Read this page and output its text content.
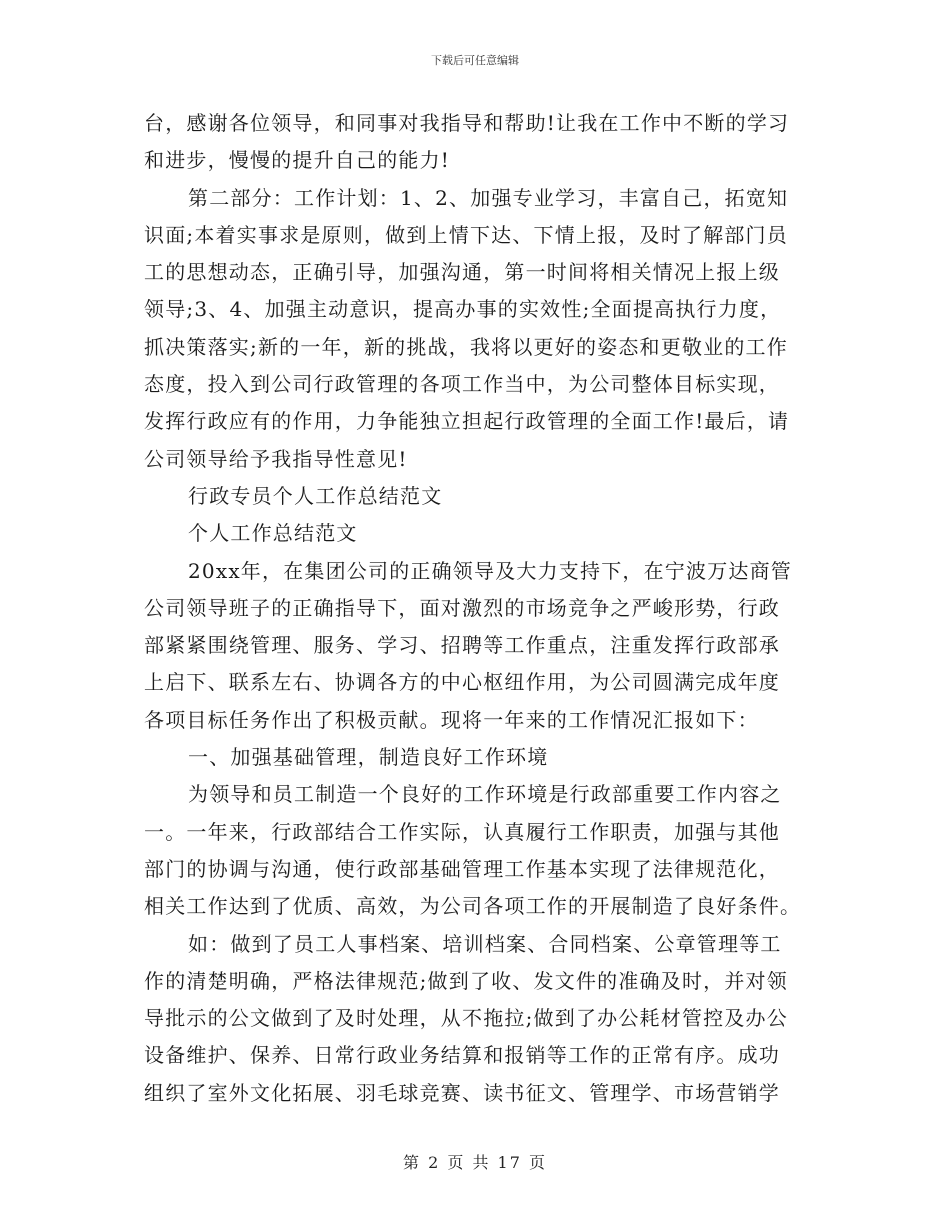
下载后可任意编辑
台，感谢各位领导，和同事对我指导和帮助!让我在工作中不断的学习
和进步，慢慢的提升自己的能力!
第二部分：工作计划：1、2、加强专业学习，丰富自己，拓宽知
识面;本着实事求是原则，做到上情下达、下情上报，及时了解部门员
工的思想动态，正确引导，加强沟通，第一时间将相关情况上报上级
领导;3、4、加强主动意识，提高办事的实效性;全面提高执行力度，
抓决策落实;新的一年，新的挑战，我将以更好的姿态和更敬业的工作
态度，投入到公司行政管理的各项工作当中，为公司整体目标实现，
发挥行政应有的作用，力争能独立担起行政管理的全面工作!最后，请
公司领导给予我指导性意见!
行政专员个人工作总结范文
个人工作总结范文
20xx年，在集团公司的正确领导及大力支持下，在宁波万达商管
公司领导班子的正确指导下，面对激烈的市场竞争之严峻形势，行政
部紧紧围绕管理、服务、学习、招聘等工作重点，注重发挥行政部承
上启下、联系左右、协调各方的中心枢纽作用，为公司圆满完成年度
各项目标任务作出了积极贡献。现将一年来的工作情况汇报如下：
一、加强基础管理，制造良好工作环境
为领导和员工制造一个良好的工作环境是行政部重要工作内容之
一。一年来，行政部结合工作实际，认真履行工作职责，加强与其他
部门的协调与沟通，使行政部基础管理工作基本实现了法律规范化，
相关工作达到了优质、高效，为公司各项工作的开展制造了良好条件。
如：做到了员工人事档案、培训档案、合同档案、公章管理等工
作的清楚明确，严格法律规范;做到了收、发文件的准确及时，并对领
导批示的公文做到了及时处理，从不拖拉;做到了办公耗材管控及办公
设备维护、保养、日常行政业务结算和报销等工作的正常有序。成功
组织了室外文化拓展、羽毛球竞赛、读书征文、管理学、市场营销学
第 2 页 共 17 页
